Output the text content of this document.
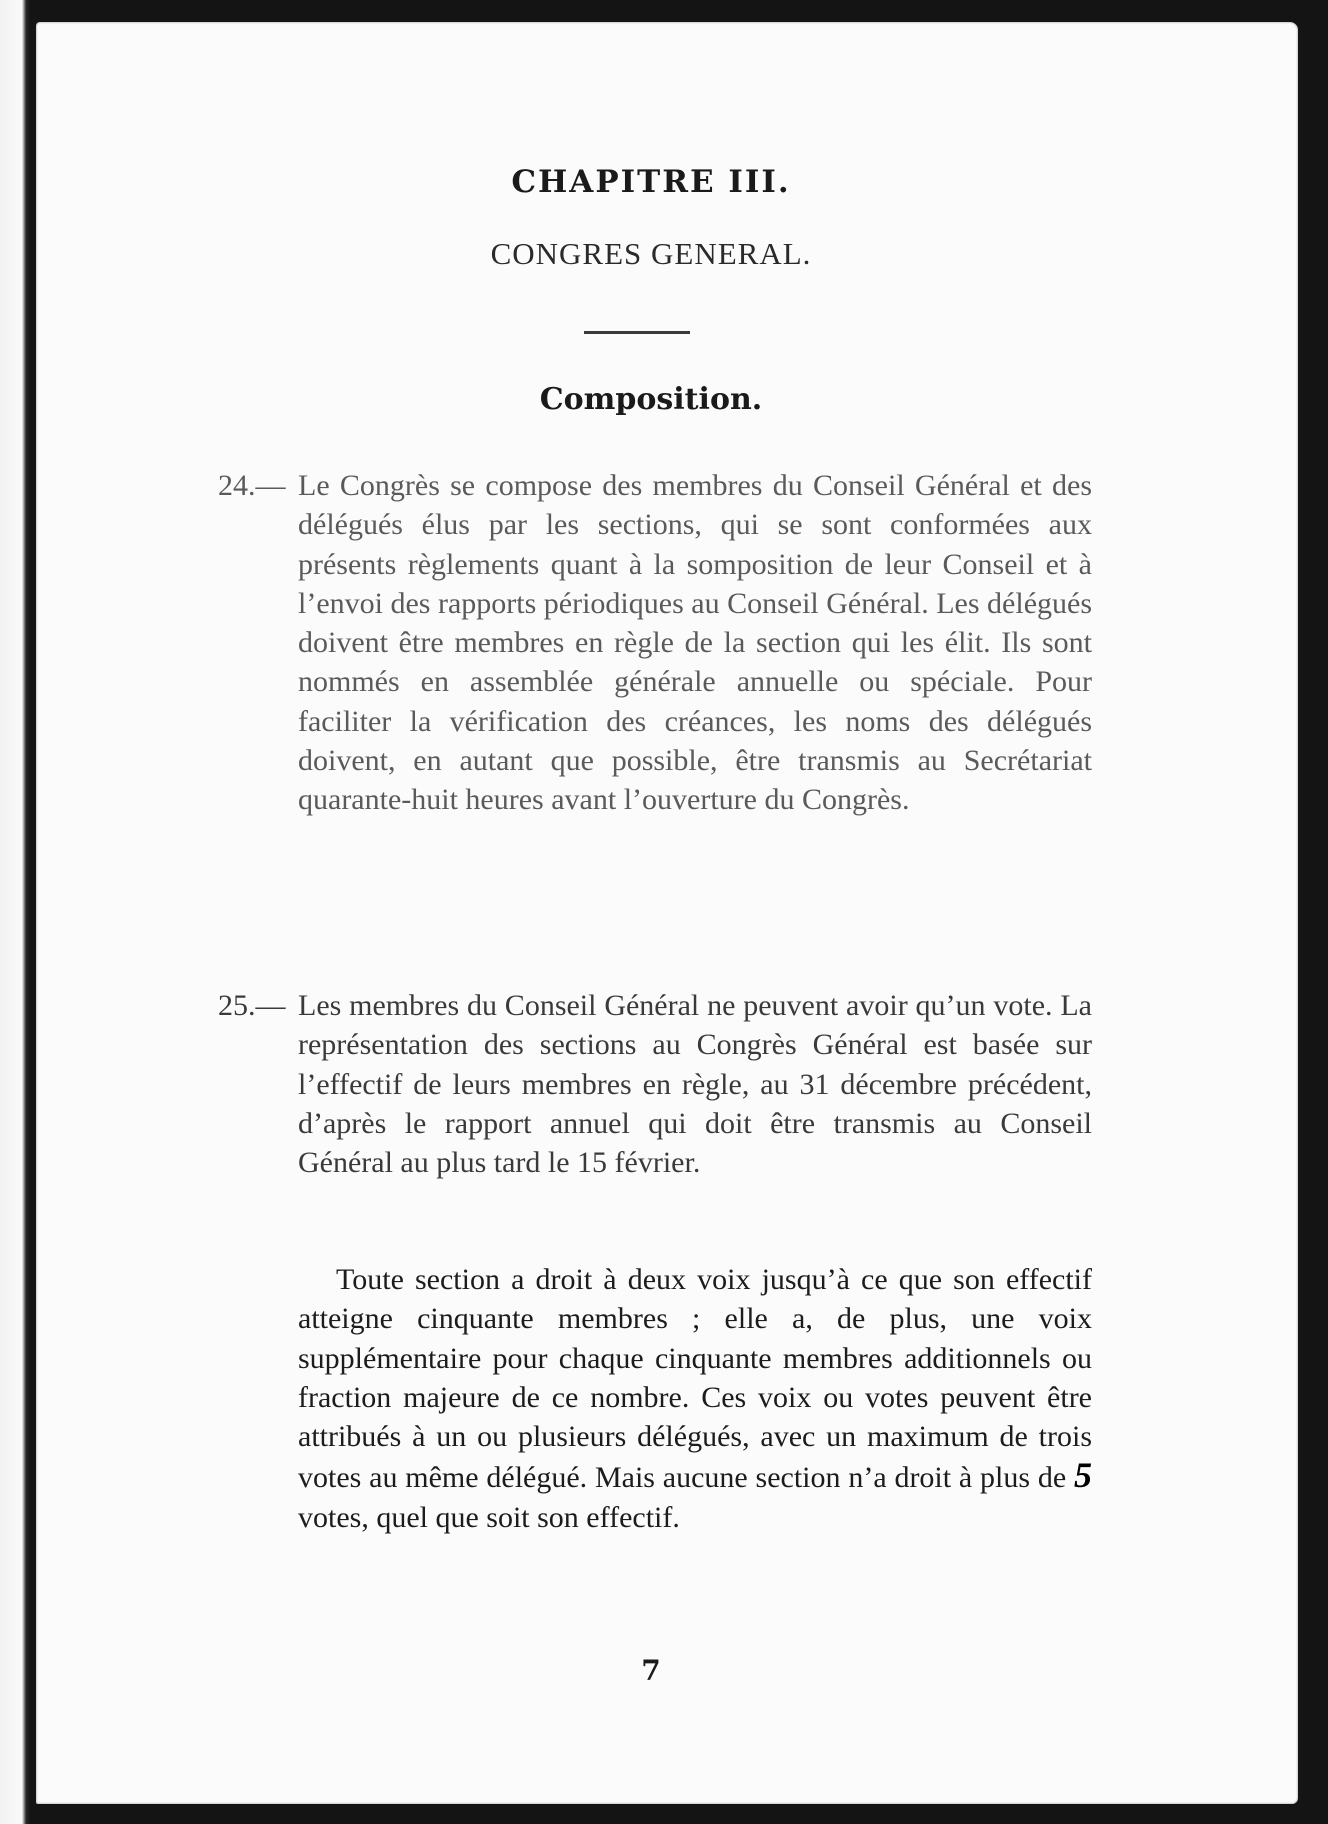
CHAPITRE III.
CONGRES GENERAL.
Composition.
24.— Le Congrès se compose des membres du Conseil Général et des délégués élus par les sections, qui se sont conformées aux présents règlements quant à la somposition de leur Conseil et à l’envoi des rapports périodiques au Conseil Général. Les délégués doivent être membres en règle de la section qui les élit. Ils sont nommés en assemblée générale annuelle ou spéciale. Pour faciliter la vérification des créances, les noms des délégués doivent, en autant que possible, être transmis au Secrétariat quarante-huit heures avant l’ouverture du Congrès.
25.— Les membres du Conseil Général ne peuvent avoir qu’un vote. La représentation des sections au Congrès Général est basée sur l’effectif de leurs membres en règle, au 31 décembre précédent, d’après le rapport annuel qui doit être transmis au Conseil Général au plus tard le 15 février.
Toute section a droit à deux voix jusqu’à ce que son effectif atteigne cinquante membres ; elle a, de plus, une voix supplémentaire pour chaque cinquante membres additionnels ou fraction majeure de ce nombre. Ces voix ou votes peuvent être attribués à un ou plusieurs délégués, avec un maximum de trois votes au même délégué. Mais aucune section n’a droit à plus de 5 votes, quel que soit son effectif.
7
